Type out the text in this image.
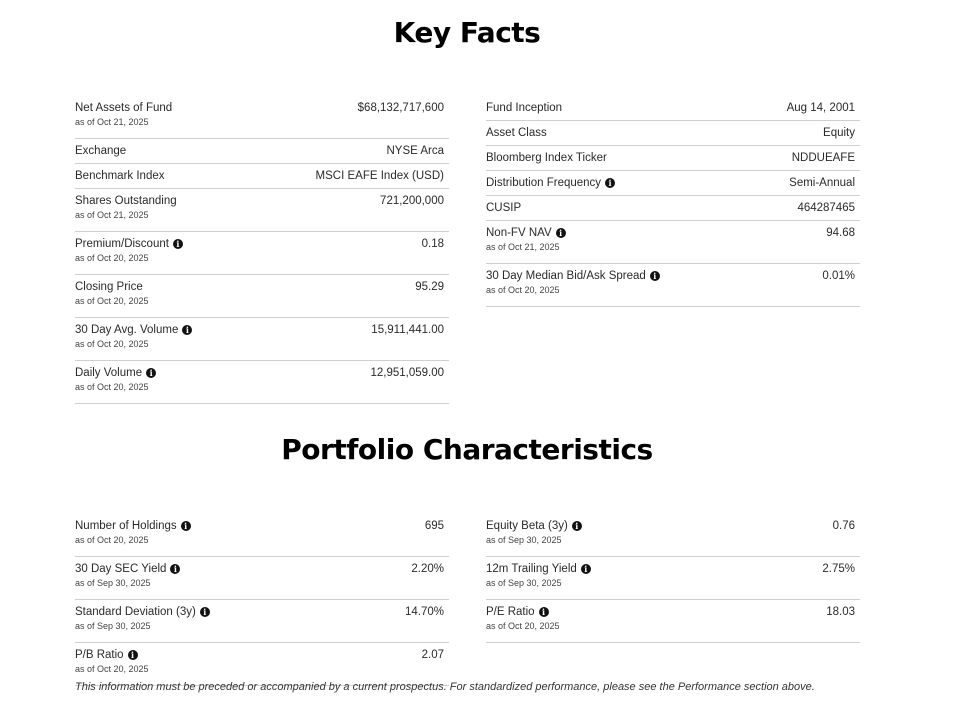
Key Facts
Net Assets of Fund
as of Oct 21, 2025
$68,132,717,600
Exchange	NYSE Arca
Benchmark Index	MSCI EAFE Index (USD)
Shares Outstanding
as of Oct 21, 2025
721,200,000
Premium/Discount i
as of Oct 20, 2025
0.18
Closing Price
as of Oct 20, 2025
95.29
30 Day Avg. Volume i
as of Oct 20, 2025
15,911,441.00
Daily Volume i
as of Oct 20, 2025
12,951,059.00
Fund Inception	Aug 14, 2001
Asset Class	Equity
Bloomberg Index Ticker	NDDUEAFE
Distribution Frequency i	Semi-Annual
CUSIP	464287465
Non-FV NAV i
as of Oct 21, 2025
94.68
30 Day Median Bid/Ask Spread i
as of Oct 20, 2025
0.01%
Portfolio Characteristics
Number of Holdings i
as of Oct 20, 2025
695
30 Day SEC Yield i
as of Sep 30, 2025
2.20%
Standard Deviation (3y) i
as of Sep 30, 2025
14.70%
P/B Ratio i
as of Oct 20, 2025
2.07
Equity Beta (3y) i
as of Sep 30, 2025
0.76
12m Trailing Yield i
as of Sep 30, 2025
2.75%
P/E Ratio i
as of Oct 20, 2025
18.03
This information must be preceded or accompanied by a current prospectus. For standardized performance, please see the Performance section above.
